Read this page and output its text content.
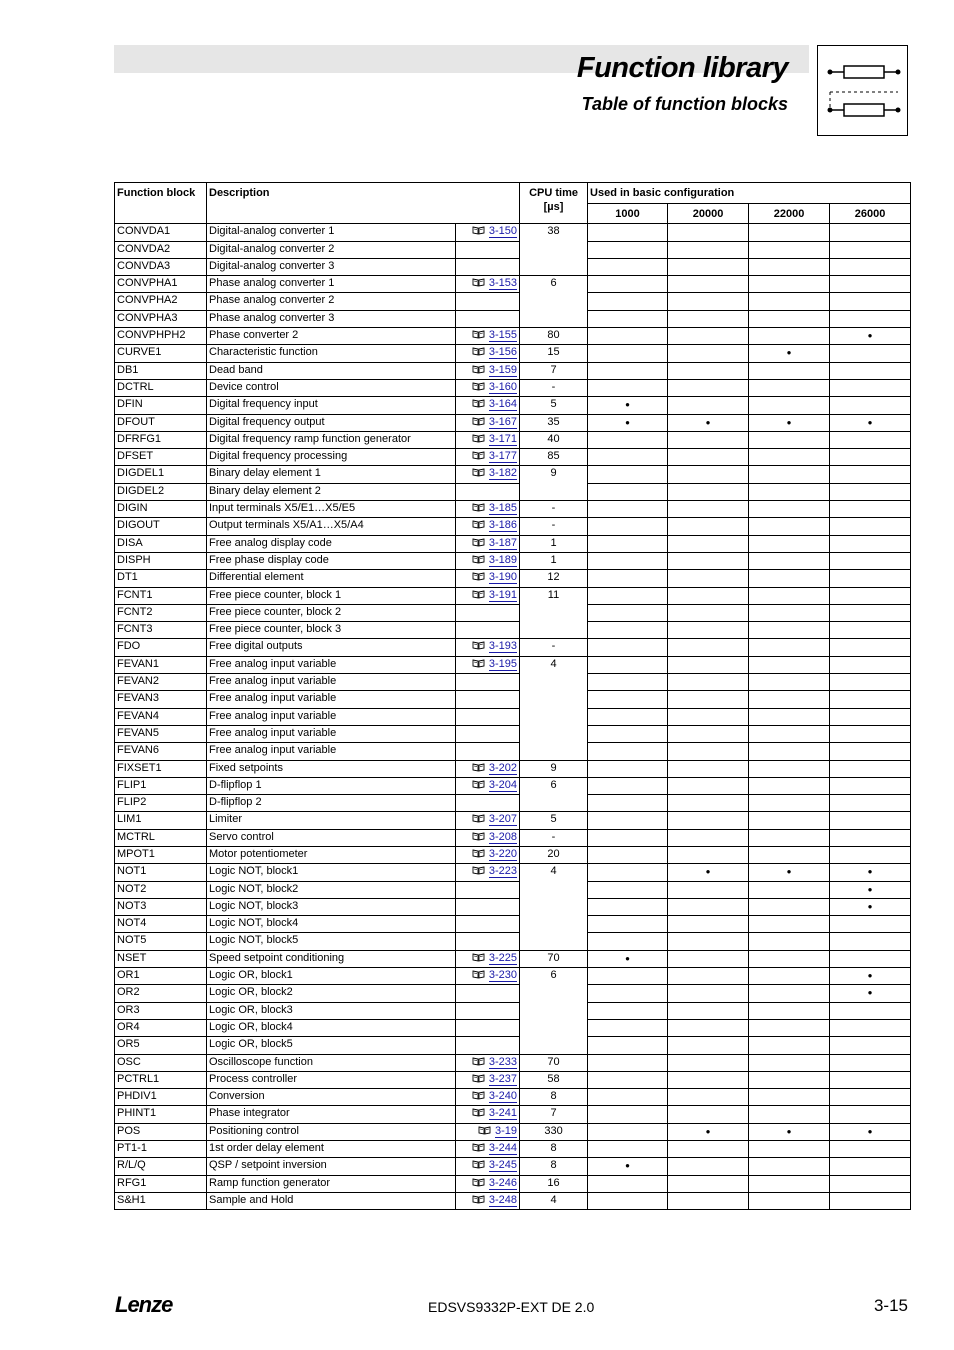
Function library
Table of function blocks
Function block	Description		CPU time
[µs]	Used in basic configuration			
				1000	20000	22000	26000
CONVDA1	Digital-analog converter 1	3-150	38				
CONVDA2	Digital-analog converter 2						
CONVDA3	Digital-analog converter 3						
CONVPHA1	Phase analog converter 1	3-153	6				
CONVPHA2	Phase analog converter 2						
CONVPHA3	Phase analog converter 3						
CONVPHPH2	Phase converter 2	3-155	80				●
CURVE1	Characteristic function	3-156	15			●	
DB1	Dead band	3-159	7				
DCTRL	Device control	3-160	-				
DFIN	Digital frequency input	3-164	5	●			
DFOUT	Digital frequency output	3-167	35	●	●	●	●
DFRFG1	Digital frequency ramp function generator	3-171	40				
DFSET	Digital frequency processing	3-177	85				
DIGDEL1	Binary delay element 1	3-182	9				
DIGDEL2	Binary delay element 2						
DIGIN	Input terminals X5/E1…X5/E5	3-185	-				
DIGOUT	Output terminals X5/A1…X5/A4	3-186	-				
DISA	Free analog display code	3-187	1				
DISPH	Free phase display code	3-189	1				
DT1	Differential element	3-190	12				
FCNT1	Free piece counter, block 1	3-191	11				
FCNT2	Free piece counter, block 2						
FCNT3	Free piece counter, block 3						
FDO	Free digital outputs	3-193	-				
FEVAN1	Free analog input variable	3-195	4				
FEVAN2	Free analog input variable						
FEVAN3	Free analog input variable						
FEVAN4	Free analog input variable						
FEVAN5	Free analog input variable						
FEVAN6	Free analog input variable						
FIXSET1	Fixed setpoints	3-202	9				
FLIP1	D-flipflop 1	3-204	6				
FLIP2	D-flipflop 2						
LIM1	Limiter	3-207	5				
MCTRL	Servo control	3-208	-				
MPOT1	Motor potentiometer	3-220	20				
NOT1	Logic NOT, block1	3-223	4		●	●	●
NOT2	Logic NOT, block2						●
NOT3	Logic NOT, block3						●
NOT4	Logic NOT, block4						
NOT5	Logic NOT, block5						
NSET	Speed setpoint conditioning	3-225	70	●			
OR1	Logic OR, block1	3-230	6				●
OR2	Logic OR, block2						●
OR3	Logic OR, block3						
OR4	Logic OR, block4						
OR5	Logic OR, block5						
OSC	Oscilloscope function	3-233	70				
PCTRL1	Process controller	3-237	58				
PHDIV1	Conversion	3-240	8				
PHINT1	Phase integrator	3-241	7				
POS	Positioning control	3-19	330		●	●	●
PT1-1	1st order delay element	3-244	8				
R/L/Q	QSP / setpoint inversion	3-245	8	●			
RFG1	Ramp function generator	3-246	16				
S&H1	Sample and Hold	3-248	4				
Lenze	EDSVS9332P-EXT DE 2.0	3-15
